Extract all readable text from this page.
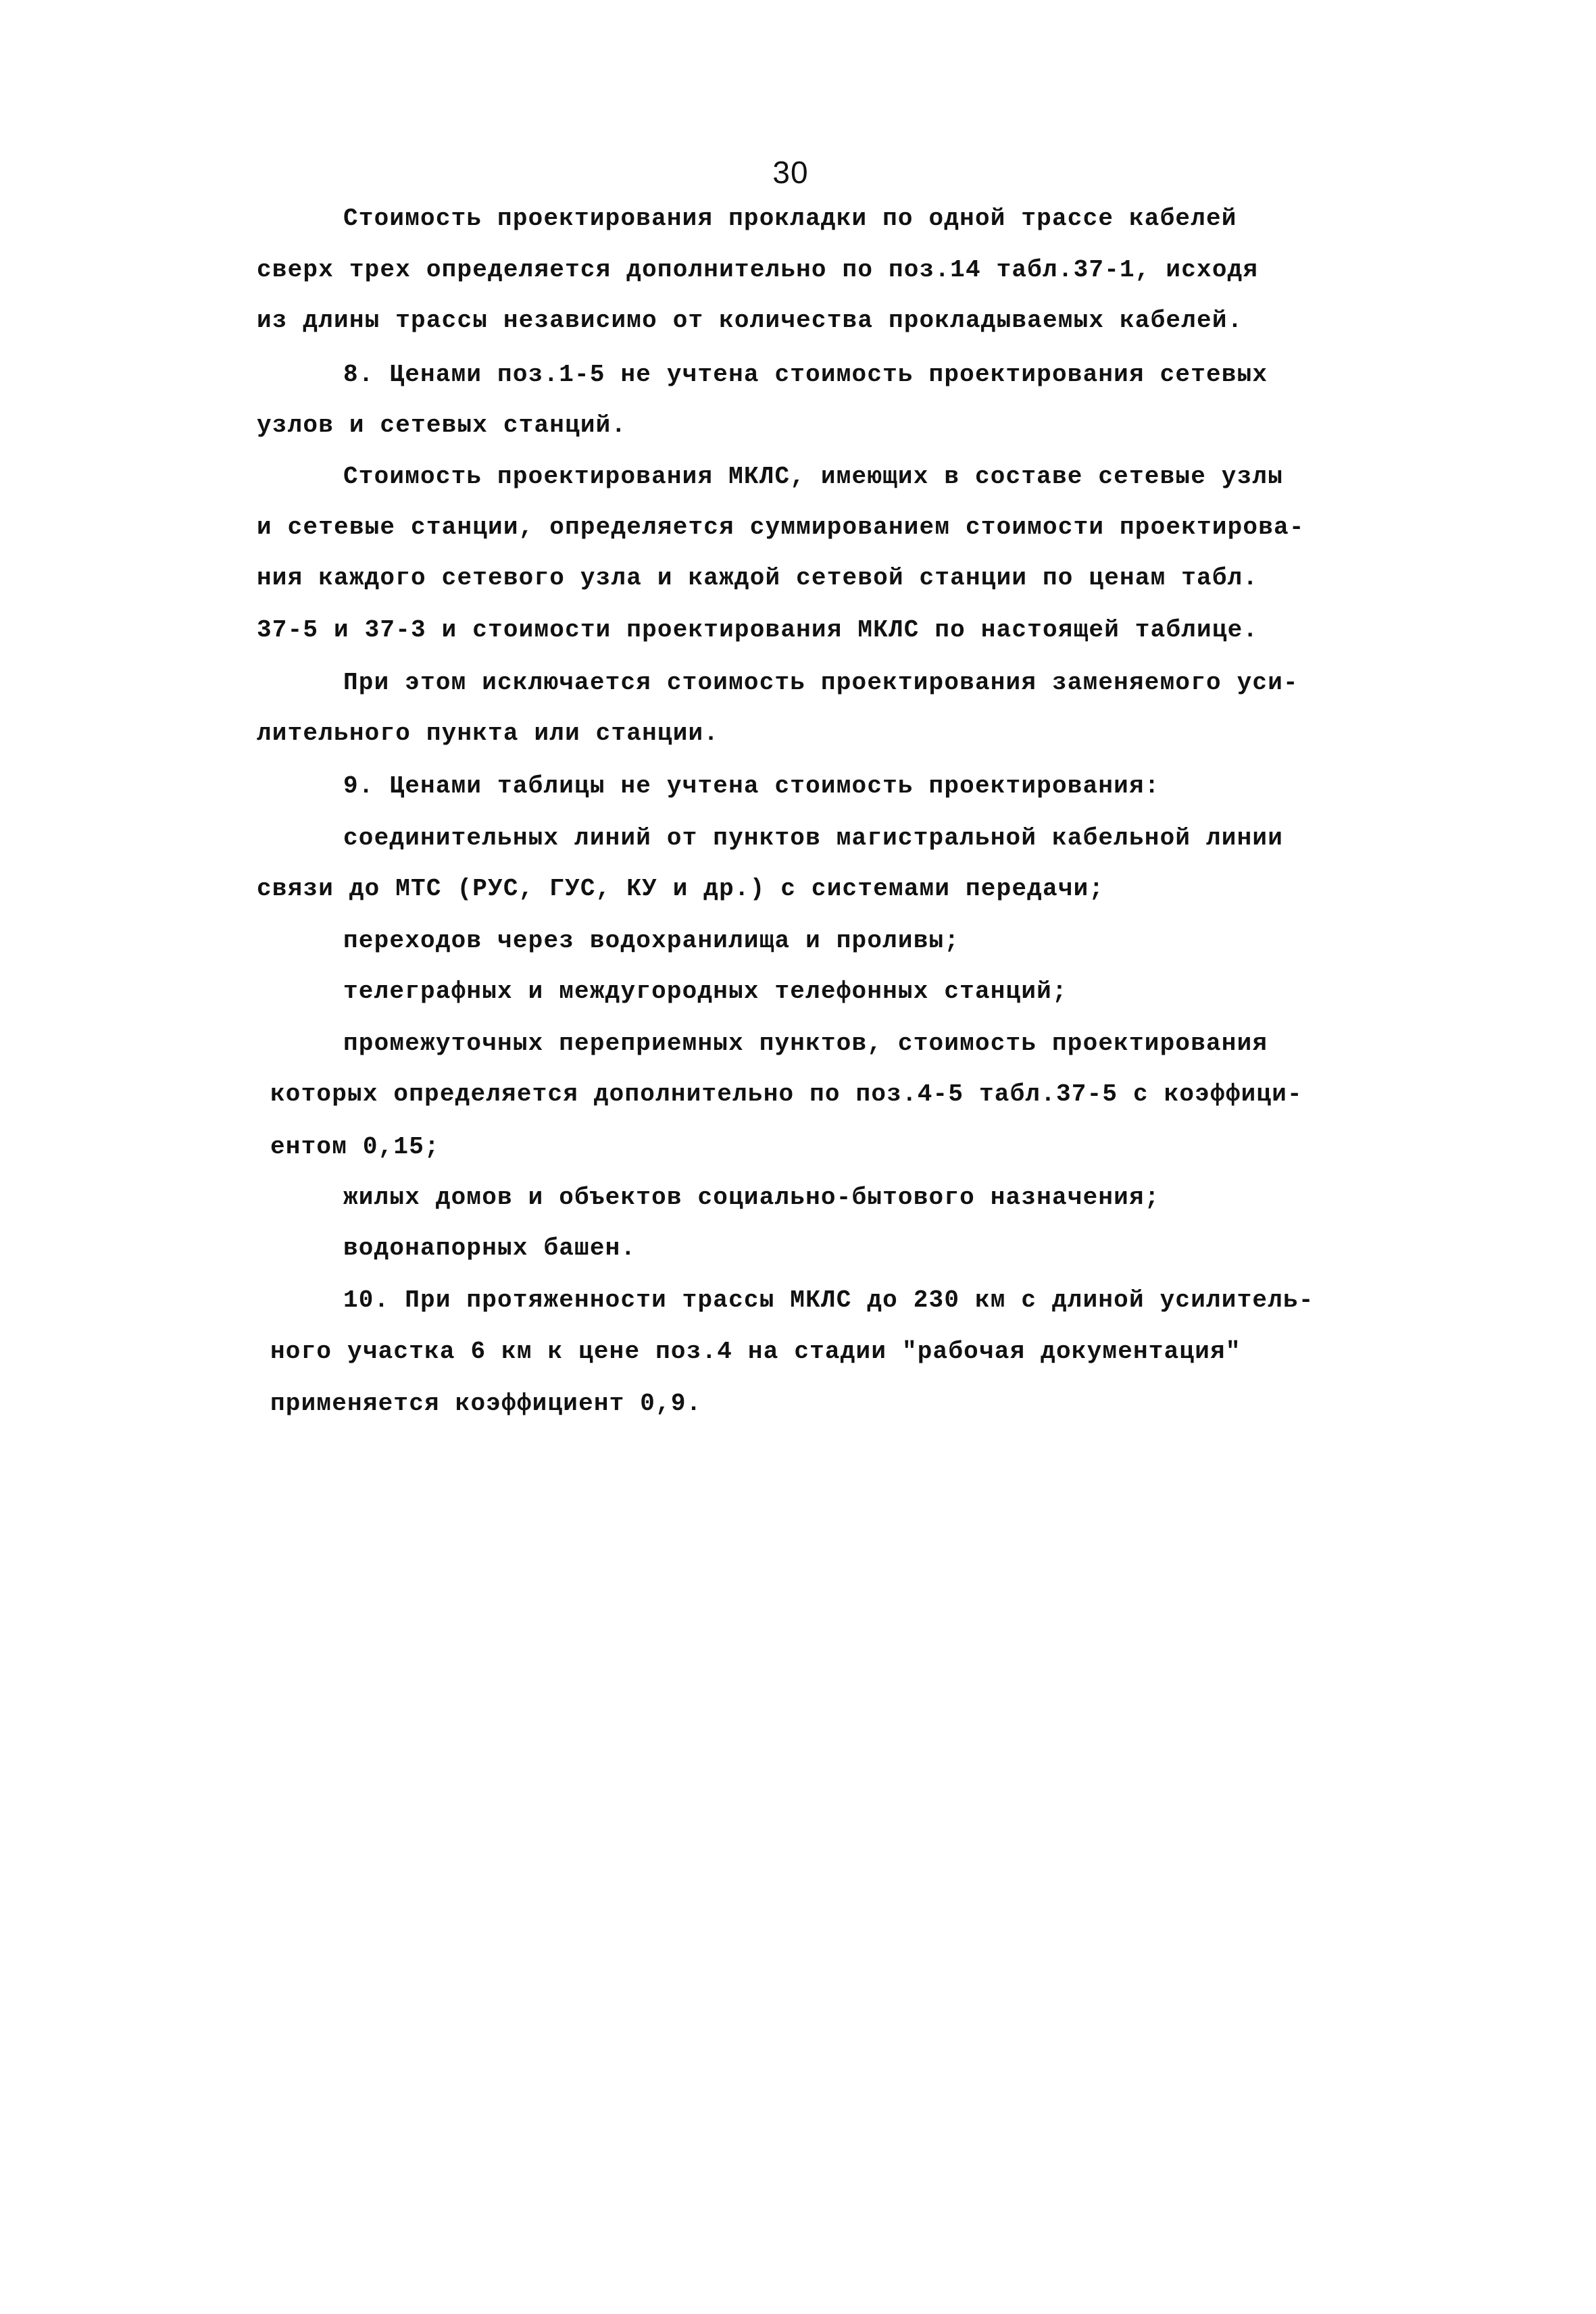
30
Стоимость проектирования прокладки по одной трассе кабелей
сверх трех определяется дополнительно по поз.14 табл.37-1, исходя
из длины трассы независимо от количества прокладываемых кабелей.
8. Ценами поз.1-5 не учтена стоимость проектирования сетевых
узлов и сетевых станций.
Стоимость проектирования МКЛС, имеющих в составе сетевые узлы
и сетевые станции, определяется суммированием стоимости проектирова-
ния каждого сетевого узла и каждой сетевой станции по ценам табл.
37-5 и 37-3 и стоимости проектирования МКЛС по настоящей таблице.
При этом исключается стоимость проектирования заменяемого уси-
лительного пункта или станции.
9. Ценами таблицы не учтена стоимость проектирования:
соединительных линий от пунктов магистральной кабельной линии
связи до МТС (РУС, ГУС, КУ и др.) с системами передачи;
переходов через водохранилища и проливы;
телеграфных и междугородных телефонных станций;
промежуточных переприемных пунктов, стоимость проектирования
которых определяется дополнительно по поз.4-5 табл.37-5 с коэффици-
ентом 0,15;
жилых домов и объектов социально-бытового назначения;
водонапорных башен.
10. При протяженности трассы МКЛС до 230 км с длиной усилитель-
ного участка 6 км к цене поз.4 на стадии "рабочая документация"
применяется коэффициент 0,9.
